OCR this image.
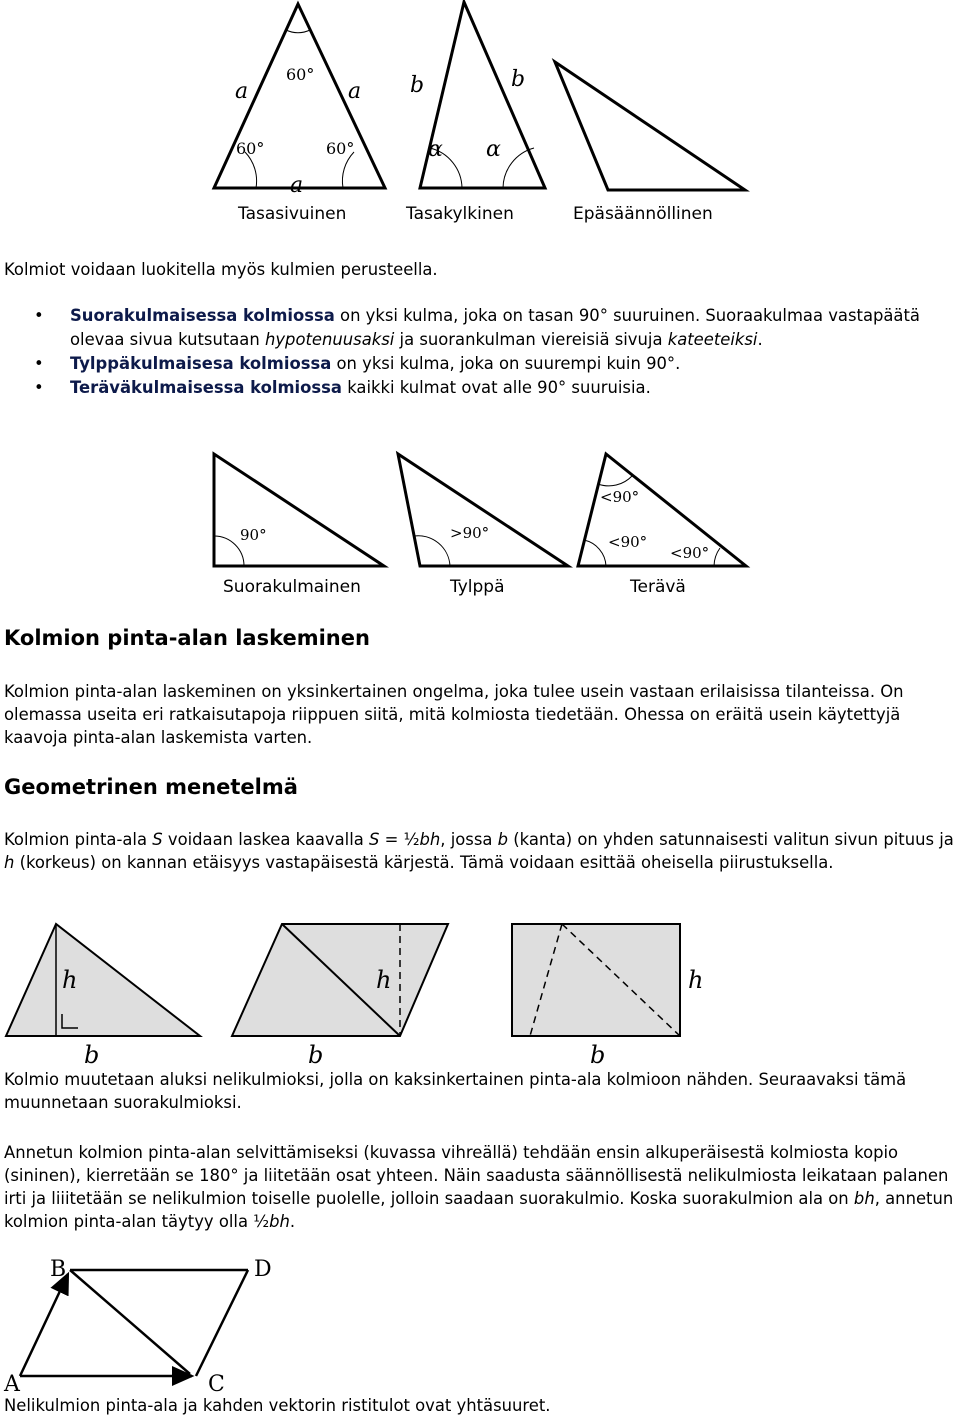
60°
60°	60°
a	a
a
b	b
α α
Tasasivuinen	Tasakylkinen	Epäsäännöllinen
Kolmiot voidaan luokitella myös kulmien perusteella.
• Suorakulmaisessa kolmiossa on yksi kulma, joka on tasan 90° suuruinen. Suoraakulmaa vastapäätä olevaa sivua kutsutaan hypotenuusaksi ja suorankulman viereisiä sivuja kateeteiksi.
• Tylppäkulmaisesa kolmiossa on yksi kulma, joka on suurempi kuin 90°.
• Teräväkulmaisessa kolmiossa kaikki kulmat ovat alle 90° suuruisia.
90°	>90°
<90°
<90°
<90°
Suorakulmainen	Tylppä	Terävä
Kolmion pinta-alan laskeminen
Kolmion pinta-alan laskeminen on yksinkertainen ongelma, joka tulee usein vastaan erilaisissa tilanteissa. On olemassa useita eri ratkaisutapoja riippuen siitä, mitä kolmiosta tiedetään. Ohessa on eräitä usein käytettyjä kaavoja pinta-alan laskemista varten.
Geometrinen menetelmä
Kolmion pinta-ala S voidaan laskea kaavalla S = ½bh, jossa b (kanta) on yhden satunnaisesti valitun sivun pituus ja h (korkeus) on kannan etäisyys vastapäisestä kärjestä. Tämä voidaan esittää oheisella piirustuksella.
h
b
h
b
h
b
Kolmio muutetaan aluksi nelikulmioksi, jolla on kaksinkertainen pinta-ala kolmioon nähden. Seuraavaksi tämä muunnetaan suorakulmioksi.
Annetun kolmion pinta-alan selvittämiseksi (kuvassa vihreällä) tehdään ensin alkuperäisestä kolmiosta kopio (sininen), kierretään se 180° ja liitetään osat yhteen. Näin saadusta säännöllisestä nelikulmiosta leikataan palanen irti ja liiitetään se nelikulmion toiselle puolelle, jolloin saadaan suorakulmio. Koska suorakulmion ala on bh, annetun kolmion pinta-alan täytyy olla ½bh.
B	D
A	C
Nelikulmion pinta-ala ja kahden vektorin ristitulot ovat yhtäsuuret.
